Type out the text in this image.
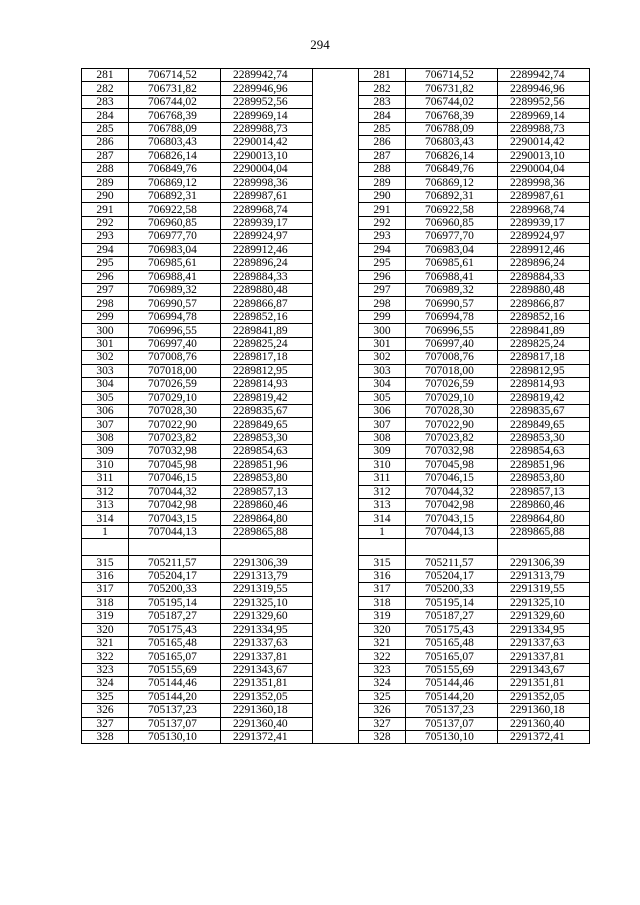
294
281	706714,52	2289942,74		281	706714,52	2289942,74
282	706731,82	2289946,96		282	706731,82	2289946,96
283	706744,02	2289952,56		283	706744,02	2289952,56
284	706768,39	2289969,14		284	706768,39	2289969,14
285	706788,09	2289988,73		285	706788,09	2289988,73
286	706803,43	2290014,42		286	706803,43	2290014,42
287	706826,14	2290013,10		287	706826,14	2290013,10
288	706849,76	2290004,04		288	706849,76	2290004,04
289	706869,12	2289998,36		289	706869,12	2289998,36
290	706892,31	2289987,61		290	706892,31	2289987,61
291	706922,58	2289968,74		291	706922,58	2289968,74
292	706960,85	2289939,17		292	706960,85	2289939,17
293	706977,70	2289924,97		293	706977,70	2289924,97
294	706983,04	2289912,46		294	706983,04	2289912,46
295	706985,61	2289896,24		295	706985,61	2289896,24
296	706988,41	2289884,33		296	706988,41	2289884,33
297	706989,32	2289880,48		297	706989,32	2289880,48
298	706990,57	2289866,87		298	706990,57	2289866,87
299	706994,78	2289852,16		299	706994,78	2289852,16
300	706996,55	2289841,89		300	706996,55	2289841,89
301	706997,40	2289825,24		301	706997,40	2289825,24
302	707008,76	2289817,18		302	707008,76	2289817,18
303	707018,00	2289812,95		303	707018,00	2289812,95
304	707026,59	2289814,93		304	707026,59	2289814,93
305	707029,10	2289819,42		305	707029,10	2289819,42
306	707028,30	2289835,67		306	707028,30	2289835,67
307	707022,90	2289849,65		307	707022,90	2289849,65
308	707023,82	2289853,30		308	707023,82	2289853,30
309	707032,98	2289854,63		309	707032,98	2289854,63
310	707045,98	2289851,96		310	707045,98	2289851,96
311	707046,15	2289853,80		311	707046,15	2289853,80
312	707044,32	2289857,13		312	707044,32	2289857,13
313	707042,98	2289860,46		313	707042,98	2289860,46
314	707043,15	2289864,80		314	707043,15	2289864,80
1	707044,13	2289865,88		1	707044,13	2289865,88

315	705211,57	2291306,39		315	705211,57	2291306,39
316	705204,17	2291313,79		316	705204,17	2291313,79
317	705200,33	2291319,55		317	705200,33	2291319,55
318	705195,14	2291325,10		318	705195,14	2291325,10
319	705187,27	2291329,60		319	705187,27	2291329,60
320	705175,43	2291334,95		320	705175,43	2291334,95
321	705165,48	2291337,63		321	705165,48	2291337,63
322	705165,07	2291337,81		322	705165,07	2291337,81
323	705155,69	2291343,67		323	705155,69	2291343,67
324	705144,46	2291351,81		324	705144,46	2291351,81
325	705144,20	2291352,05		325	705144,20	2291352,05
326	705137,23	2291360,18		326	705137,23	2291360,18
327	705137,07	2291360,40		327	705137,07	2291360,40
328	705130,10	2291372,41		328	705130,10	2291372,41
